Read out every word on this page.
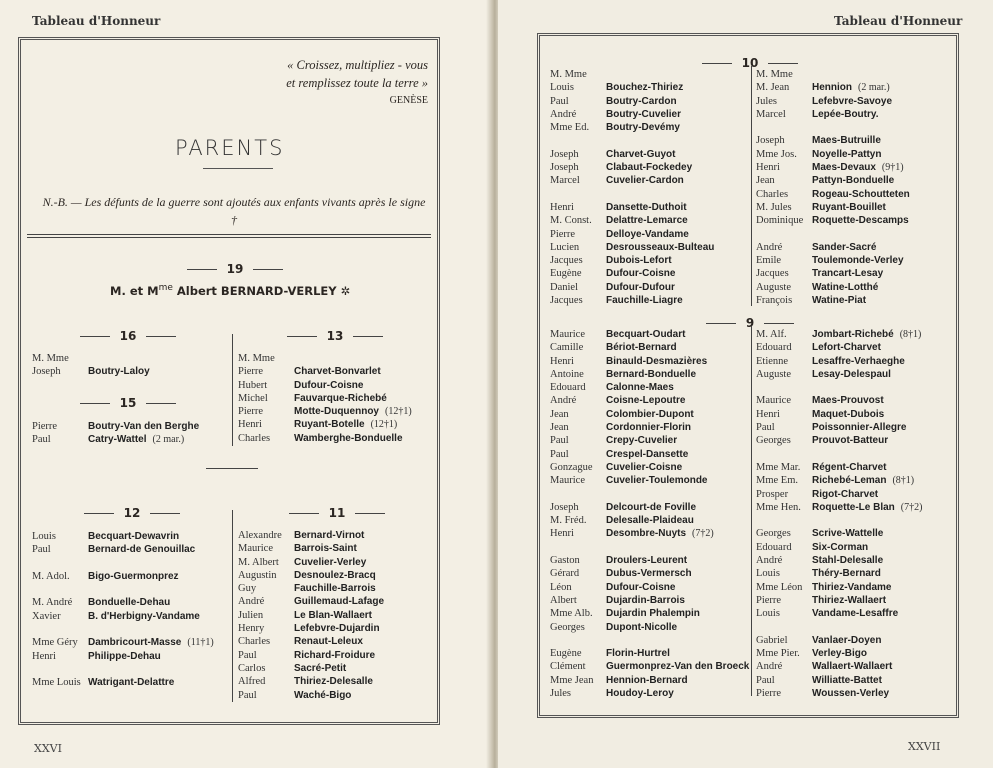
Tableau d'Honneur
« Croissez, multipliez - vous
et remplissez toute la terre »
GENÈSE
PARENTS
N.-B. — Les défunts de la guerre sont ajoutés aux enfants vivants après le signe †
19
M. et $M^{me}$ Albert BERNARD-VERLEY ✲
16
M. Mme
Joseph	Boutry-Laloy
15
Pierre	Boutry-Van den Berghe
Paul	Catry-Wattel (2 mar.)
13
M. Mme
Pierre	Charvet-Bonvarlet
Hubert	Dufour-Coisne
Michel	Fauvarque-Richebé
Pierre	Motte-Duquennoy (12†1)
Henri	Ruyant-Botelle (12†1)
Charles	Wamberghe-Bonduelle
12
Louis	Becquart-Dewavrin
Paul	Bernard-de Genouillac
M. Adol.	Bigo-Guermonprez
M. André	Bonduelle-Dehau
Xavier	B. d'Herbigny-Vandame
Mme Géry	Dambricourt-Masse (11†1)
Henri	Philippe-Dehau
Mme Louis Watrigant-Delattre
11
Alexandre	Bernard-Virnot
Maurice	Barrois-Saint
M. Albert	Cuvelier-Verley
Augustin	Desnoulez-Bracq
Guy	Fauchille-Barrois
André	Guillemaud-Lafage
Julien	Le Blan-Wallaert
Henry	Lefebvre-Dujardin
Charles	Renaut-Leleux
Paul	Richard-Froidure
Carlos	Sacré-Petit
Alfred	Thiriez-Delesalle
Paul	Waché-Bigo
XXVI
Tableau d'Honneur
10
M. Mme
Louis	Bouchez-Thiriez
Paul	Boutry-Cardon
André	Boutry-Cuvelier
Mme Ed.	Boutry-Devémy
Joseph	Charvet-Guyot
Joseph	Clabaut-Fockedey
Marcel	Cuvelier-Cardon
Henri	Dansette-Duthoit
M. Const.	Delattre-Lemarce
Pierre	Delloye-Vandame
Lucien	Desrousseaux-Bulteau
Jacques	Dubois-Lefort
Eugène	Dufour-Coisne
Daniel	Dufour-Dufour
Jacques	Fauchille-Liagre
M. Mme
M. Jean	Hennion (2 mar.)
Jules	Lefebvre-Savoye
Marcel	Lepée-Boutry.
Joseph	Maes-Butruille
Mme Jos.	Noyelle-Pattyn
Henri	Maes-Devaux (9†1)
Jean	Pattyn-Bonduelle
Charles	Rogeau-Schoutteten
M. Jules	Ruyant-Bouillet
Dominique Roquette-Descamps
André	Sander-Sacré
Emile	Toulemonde-Verley
Jacques	Trancart-Lesay
Auguste	Watine-Lotthé
François	Watine-Piat
9
Maurice	Becquart-Oudart
Camille	Bériot-Bernard
Henri	Binauld-Desmazières
Antoine	Bernard-Bonduelle
Edouard	Calonne-Maes
André	Coisne-Lepoutre
Jean	Colombier-Dupont
Jean	Cordonnier-Florin
Paul	Crepy-Cuvelier
Paul	Crespel-Dansette
Gonzague	Cuvelier-Coisne
Maurice	Cuvelier-Toulemonde
Joseph	Delcourt-de Foville
M. Fréd.	Delesalle-Plaideau
Henri	Desombre-Nuyts (7†2)
Gaston	Droulers-Leurent
Gérard	Dubus-Vermersch
Léon	Dufour-Coisne
Albert	Dujardin-Barrois
Mme Alb.	Dujardin Phalempin
Georges	Dupont-Nicolle
Eugène	Florin-Hurtrel
Clément	Guermonprez-Van den Broeck
Mme Jean	Hennion-Bernard
Jules	Houdoy-Leroy
M. Alf.	Jombart-Richebé (8†1)
Edouard	Lefort-Charvet
Etienne	Lesaffre-Verhaeghe
Auguste	Lesay-Delespaul
Maurice	Maes-Prouvost
Henri	Maquet-Dubois
Paul	Poissonnier-Allegre
Georges	Prouvot-Batteur
Mme Mar.	Régent-Charvet
Mme Em.	Richebé-Leman (8†1)
Prosper	Rigot-Charvet
Mme Hen.	Roquette-Le Blan (7†2)
Georges	Scrive-Wattelle
Edouard	Six-Corman
André	Stahl-Delesalle
Louis	Théry-Bernard
Mme Léon Thiriez-Vandame
Pierre	Thiriez-Wallaert
Louis	Vandame-Lesaffre
Gabriel	Vanlaer-Doyen
Mme Pier.	Verley-Bigo
André	Wallaert-Wallaert
Paul	Williatte-Battet
Pierre	Woussen-Verley
XXVII
